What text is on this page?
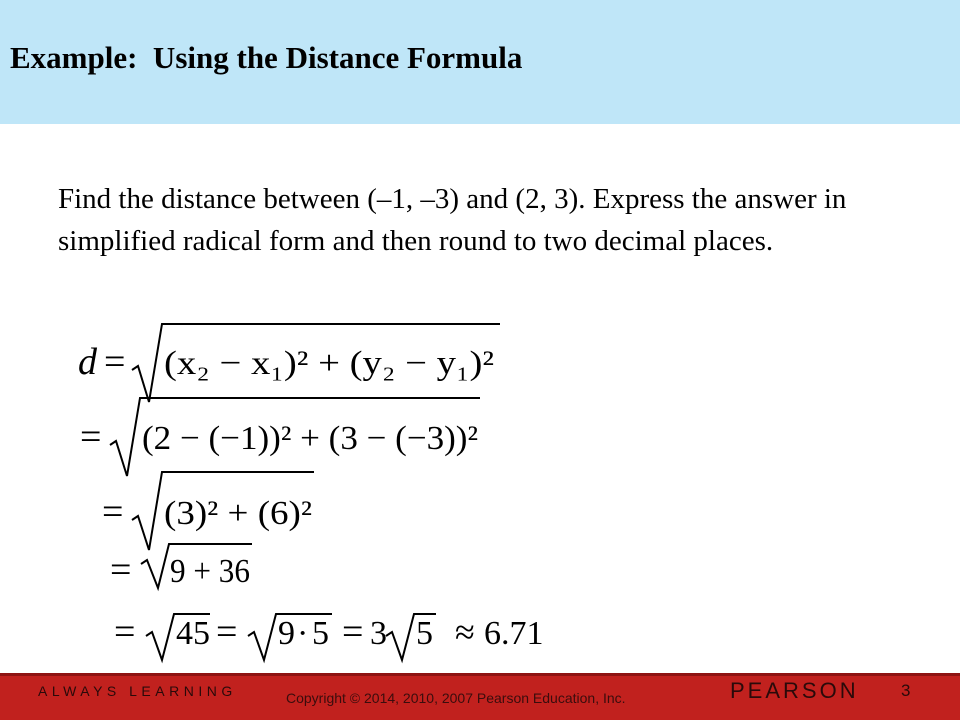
Example:  Using the Distance Formula
Find the distance between (–1, –3) and (2, 3). Express the answer in simplified radical form and then round to two decimal places.
d = (x₂ − x₁)² + (y₂ − y₁)²
= (2 − (−1))² + (3 − (−3))²
= (3)² + (6)²
= 9 + 36
= 45 = 9 · 5 = 3 5 ≈ 6.71
ALWAYS LEARNING	Copyright © 2014, 2010, 2007 Pearson Education, Inc.	PEARSON 3
